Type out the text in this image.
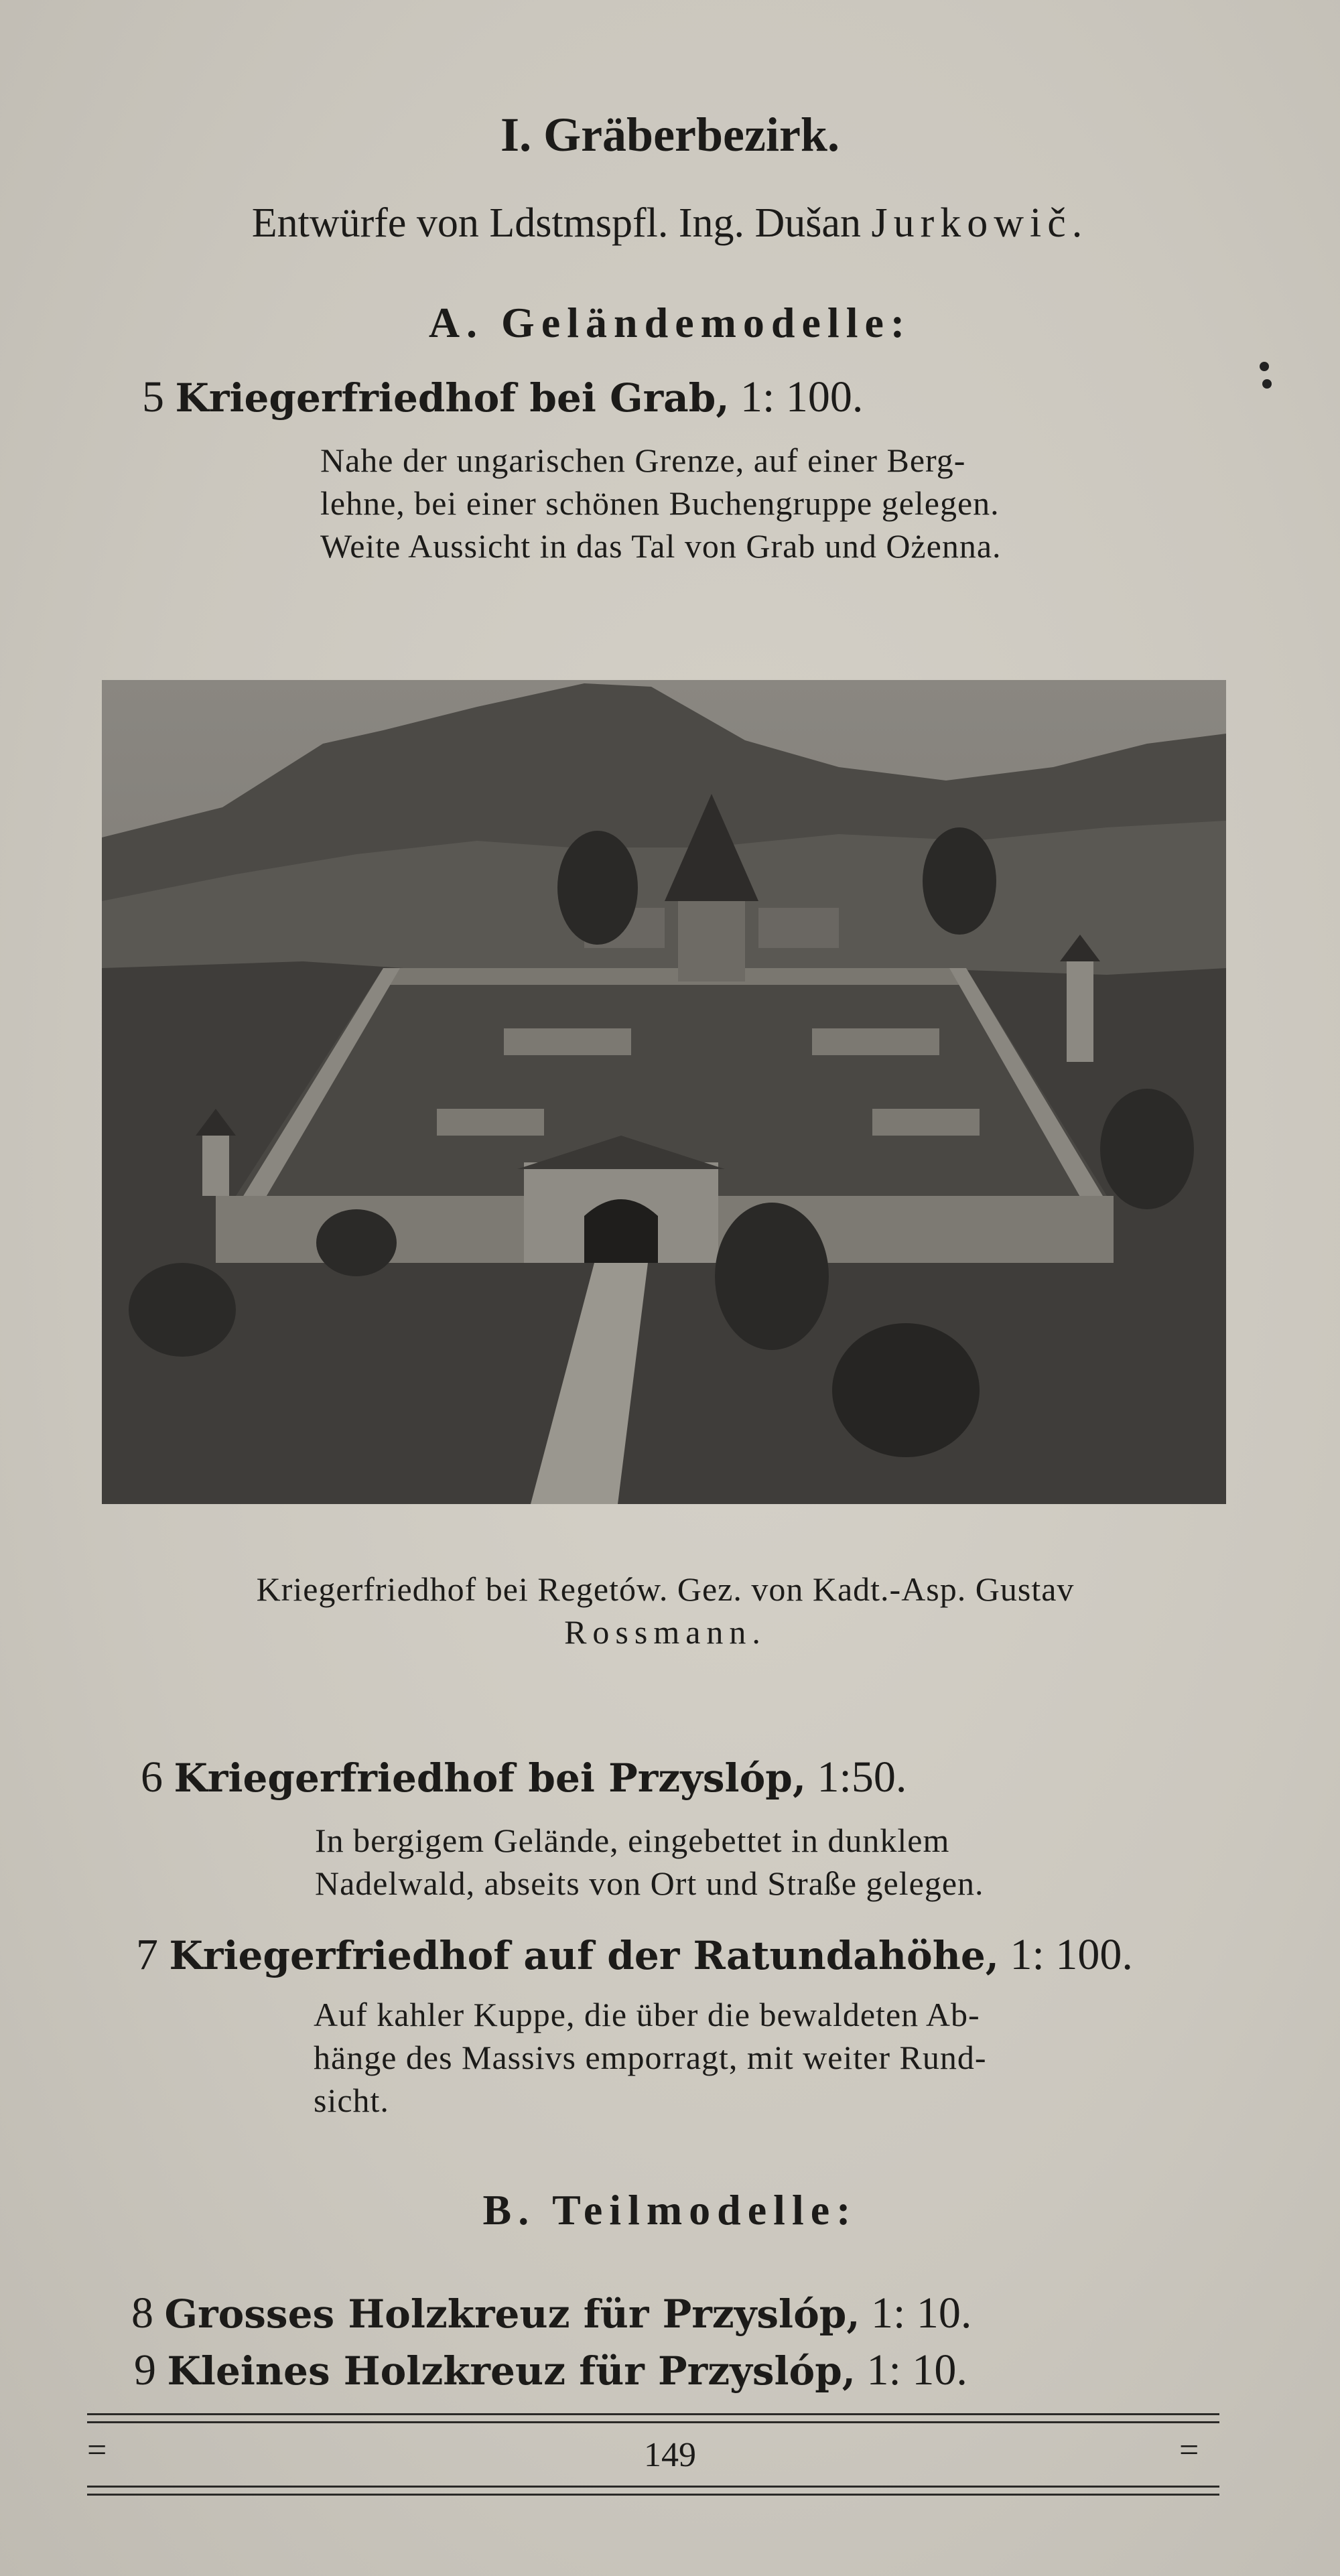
I. Gräberbezirk.
Entwürfe von Ldstmspfl. Ing. Dušan Jurkowič.
A. Geländemodelle:
5 Kriegerfriedhof bei Grab, 1: 100.
Nahe der ungarischen Grenze, auf einer Berg-
lehne, bei einer schönen Buchengruppe gelegen.
Weite Aussicht in das Tal von Grab und Ożenna.
Kriegerfriedhof bei Regetów. Gez. von Kadt.-Asp. Gustav
Rossmann.
6 Kriegerfriedhof bei Przyslóp, 1:50.
In bergigem Gelände, eingebettet in dunklem
Nadelwald, abseits von Ort und Straße gelegen.
7 Kriegerfriedhof auf der Ratundahöhe, 1: 100.
Auf kahler Kuppe, die über die bewaldeten Ab-
hänge des Massivs emporragt, mit weiter Rund-
sicht.
B. Teilmodelle:
8 Grosses Holzkreuz für Przyslóp, 1: 10.
9 Kleines Holzkreuz für Przyslóp, 1: 10.
=	149	=
